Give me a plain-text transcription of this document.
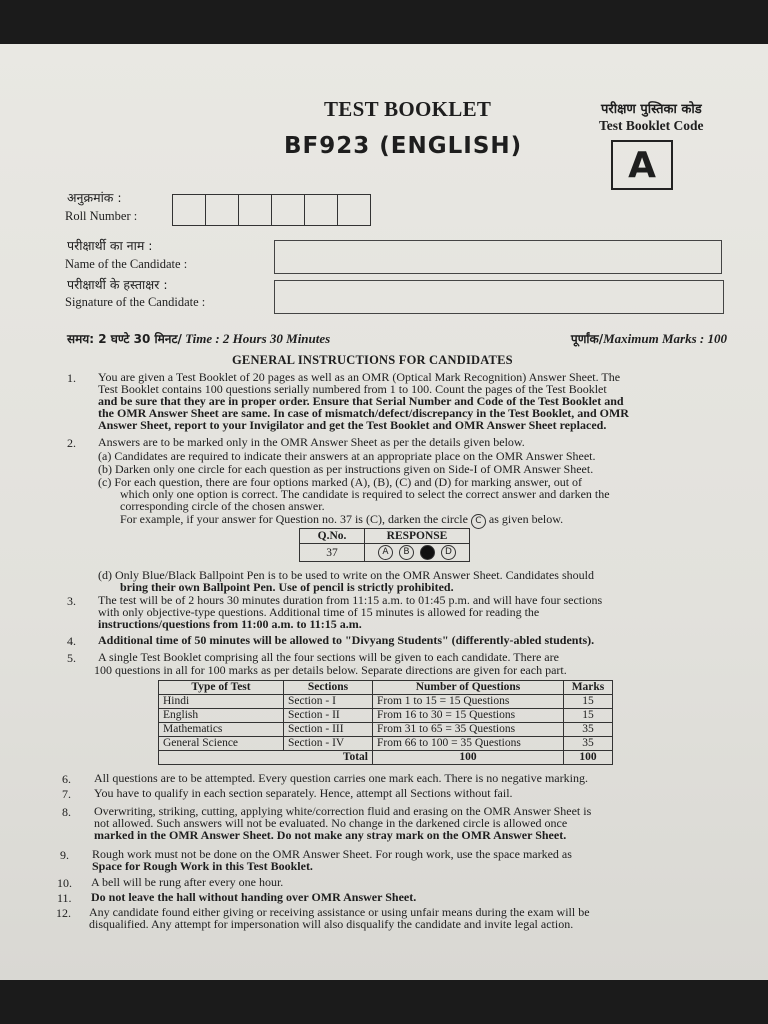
TEST BOOKLET
BF923 (ENGLISH)
परीक्षण पुस्तिका कोड
Test Booklet Code
A
अनुक्रमांक :
Roll Number :
परीक्षार्थी का नाम :
Name of the Candidate :
परीक्षार्थी के हस्ताक्षर :
Signature of the Candidate :
समय: 2 घण्टे 30 मिनट/ Time : 2 Hours 30 Minutes	पूर्णांक/Maximum Marks : 100
GENERAL INSTRUCTIONS FOR CANDIDATES
1.
2.
3.
4.
5.
6.
7.
8.
9.
10.
11.
12.
You are given a Test Booklet of 20 pages as well as an OMR (Optical Mark Recognition) Answer Sheet. The
Test Booklet contains 100 questions serially numbered from 1 to 100. Count the pages of the Test Booklet
and be sure that they are in proper order. Ensure that Serial Number and Code of the Test Booklet and
the OMR Answer Sheet are same. In case of mismatch/defect/discrepancy in the Test Booklet, and OMR
Answer Sheet, report to your Invigilator and get the Test Booklet and OMR Answer Sheet replaced.
Answers are to be marked only in the OMR Answer Sheet as per the details given below.
(a) Candidates are required to indicate their answers at an appropriate place on the OMR Answer Sheet.
(b) Darken only one circle for each question as per instructions given on Side-I of OMR Answer Sheet.
(c) For each question, there are four options marked (A), (B), (C) and (D) for marking answer, out of
which only one option is correct. The candidate is required to select the correct answer and darken the
corresponding circle of the chosen answer.
For example, if your answer for Question no. 37 is (C), darken the circle C as given below.
Q.No.	RESPONSE
37	A B C D
(d) Only Blue/Black Ballpoint Pen is to be used to write on the OMR Answer Sheet. Candidates should
bring their own Ballpoint Pen. Use of pencil is strictly prohibited.
The test will be of 2 hours 30 minutes duration from 11:15 a.m. to 01:45 p.m. and will have four sections
with only objective-type questions. Additional time of 15 minutes is allowed for reading the
instructions/questions from 11:00 a.m. to 11:15 a.m.
Additional time of 50 minutes will be allowed to "Divyang Students" (differently-abled students).
A single Test Booklet comprising all the four sections will be given to each candidate. There are
100 questions in all for 100 marks as per details below. Separate directions are given for each part.
Type of Test	Sections	Number of Questions	Marks
Hindi	Section - I	From 1 to 15 = 15 Questions	15
English	Section - II	From 16 to 30 = 15 Questions	15
Mathematics	Section - III	From 31 to 65 = 35 Questions	35
General Science	Section - IV	From 66 to 100 = 35 Questions	35
Total		100	100
All questions are to be attempted. Every question carries one mark each. There is no negative marking.
You have to qualify in each section separately. Hence, attempt all Sections without fail.
Overwriting, striking, cutting, applying white/correction fluid and erasing on the OMR Answer Sheet is
not allowed. Such answers will not be evaluated. No change in the darkened circle is allowed once
marked in the OMR Answer Sheet. Do not make any stray mark on the OMR Answer Sheet.
Rough work must not be done on the OMR Answer Sheet. For rough work, use the space marked as
Space for Rough Work in this Test Booklet.
A bell will be rung after every one hour.
Do not leave the hall without handing over OMR Answer Sheet.
Any candidate found either giving or receiving assistance or using unfair means during the exam will be
disqualified. Any attempt for impersonation will also disqualify the candidate and invite legal action.
